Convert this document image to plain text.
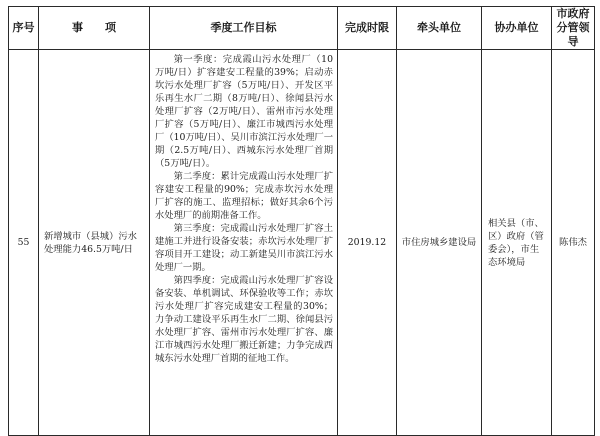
序号	事　　项	季度工作目标	完成时限	牵头单位	协办单位	市政府
分管领导

55	新增城市（县城）污水处理能力46.5万吨/日	第一季度：完成霞山污水处理厂（10万吨/日）扩容建安工程量的39%；启动赤坎污水处理厂扩容（5万吨/日）、开发区平乐再生水厂二期（8万吨/日）、徐闻县污水处理厂扩容（2万吨/日）、雷州市污水处理厂扩容（5万吨/日）、廉江市城西污水处理厂（10万吨/日）、吴川市滨江污水处理厂一期（2.5万吨/日）、西城东污水处理厂首期（5万吨/日）。

第二季度：累计完成霞山污水处理厂扩容建安工程量的90%；完成赤坎污水处理厂扩容的施工、监理招标；做好其余6个污水处理厂的前期准备工作。

第三季度：完成霞山污水处理厂扩容土建施工并进行设备安装；赤坎污水处理厂扩容项目开工建设；动工新建吴川市滨江污水处理厂一期。

第四季度：完成霞山污水处理厂扩容设备安装、单机调试、环保验收等工作；赤坎污水处理厂扩容完成建安工程量的30%；力争动工建设平乐再生水厂二期、徐闻县污水处理厂扩容、雷州市污水处理厂扩容、廉江市城西污水处理厂搬迁新建；力争完成西城东污水处理厂首期的征地工作。	2019.12	市住房城乡建设局	相关县（市、区）政府（管委会），市生态环境局	陈伟杰
